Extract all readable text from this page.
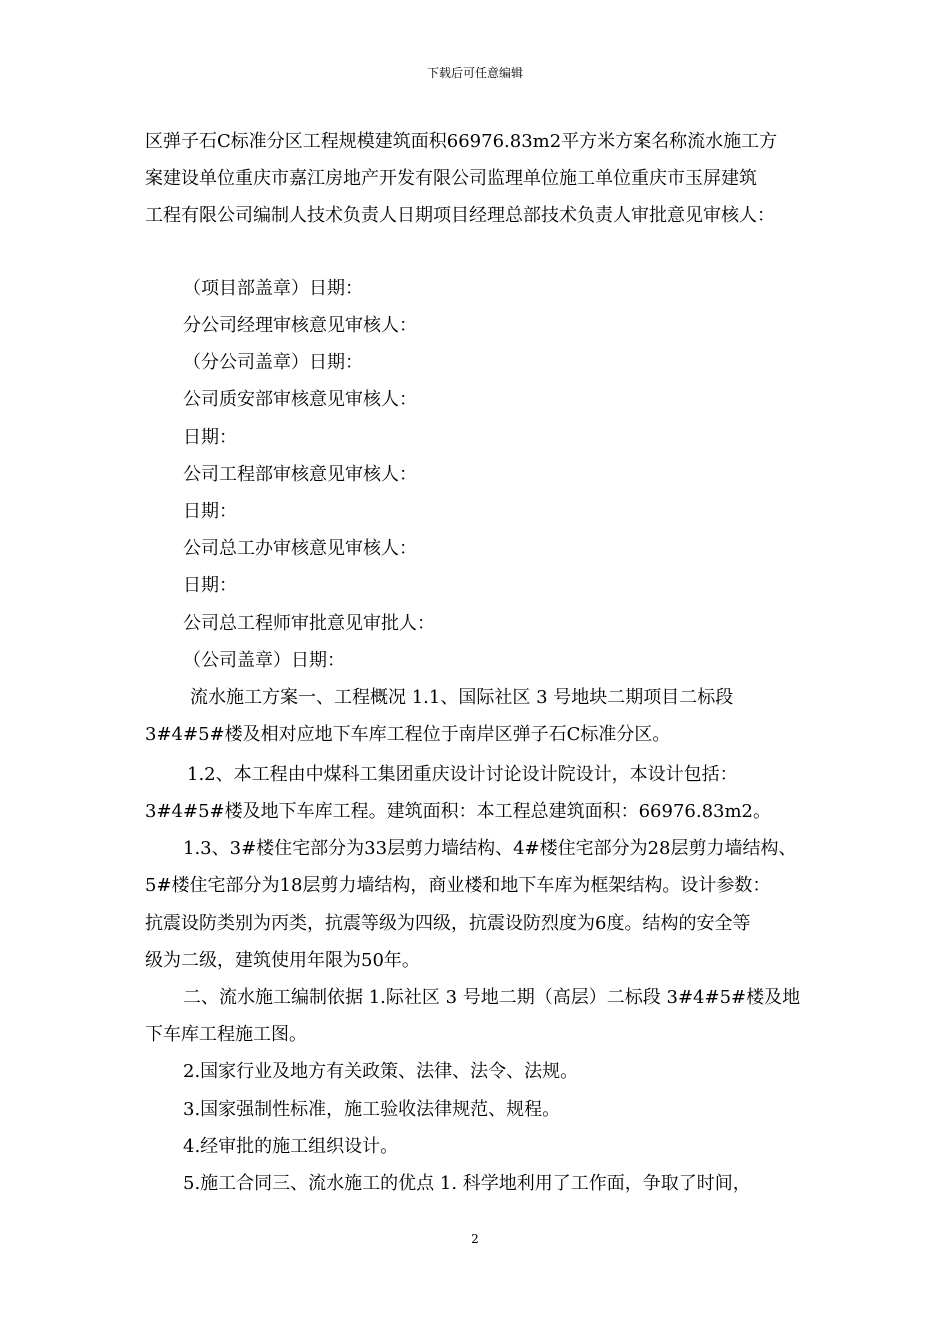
下载后可任意编辑
区弹子石C标准分区工程规模建筑面积66976.83m2平方米方案名称流水施工方
案建设单位重庆市嘉江房地产开发有限公司监理单位施工单位重庆市玉屏建筑
工程有限公司编制人技术负责人日期项目经理总部技术负责人审批意见审核人：
（项目部盖章）日期：
分公司经理审核意见审核人：
（分公司盖章）日期：
公司质安部审核意见审核人：
日期：
公司工程部审核意见审核人：
日期：
公司总工办审核意见审核人：
日期：
公司总工程师审批意见审批人：
（公司盖章）日期：
流水施工方案一、工程概况 1.1、国际社区 3 号地块二期项目二标段
3#4#5#楼及相对应地下车库工程位于南岸区弹子石C标准分区。
1.2、本工程由中煤科工集团重庆设计讨论设计院设计，本设计包括：
3#4#5#楼及地下车库工程。建筑面积：本工程总建筑面积：66976.83m2。
1.3、3#楼住宅部分为33层剪力墙结构、4#楼住宅部分为28层剪力墙结构、
5#楼住宅部分为18层剪力墙结构，商业楼和地下车库为框架结构。设计参数：
抗震设防类别为丙类，抗震等级为四级，抗震设防烈度为6度。结构的安全等
级为二级，建筑使用年限为50年。
二、流水施工编制依据 1.际社区 3 号地二期（高层）二标段 3#4#5#楼及地
下车库工程施工图。
2.国家行业及地方有关政策、法律、法令、法规。
3.国家强制性标准，施工验收法律规范、规程。
4.经审批的施工组织设计。
5.施工合同三、流水施工的优点 1. 科学地利用了工作面，争取了时间，
2
